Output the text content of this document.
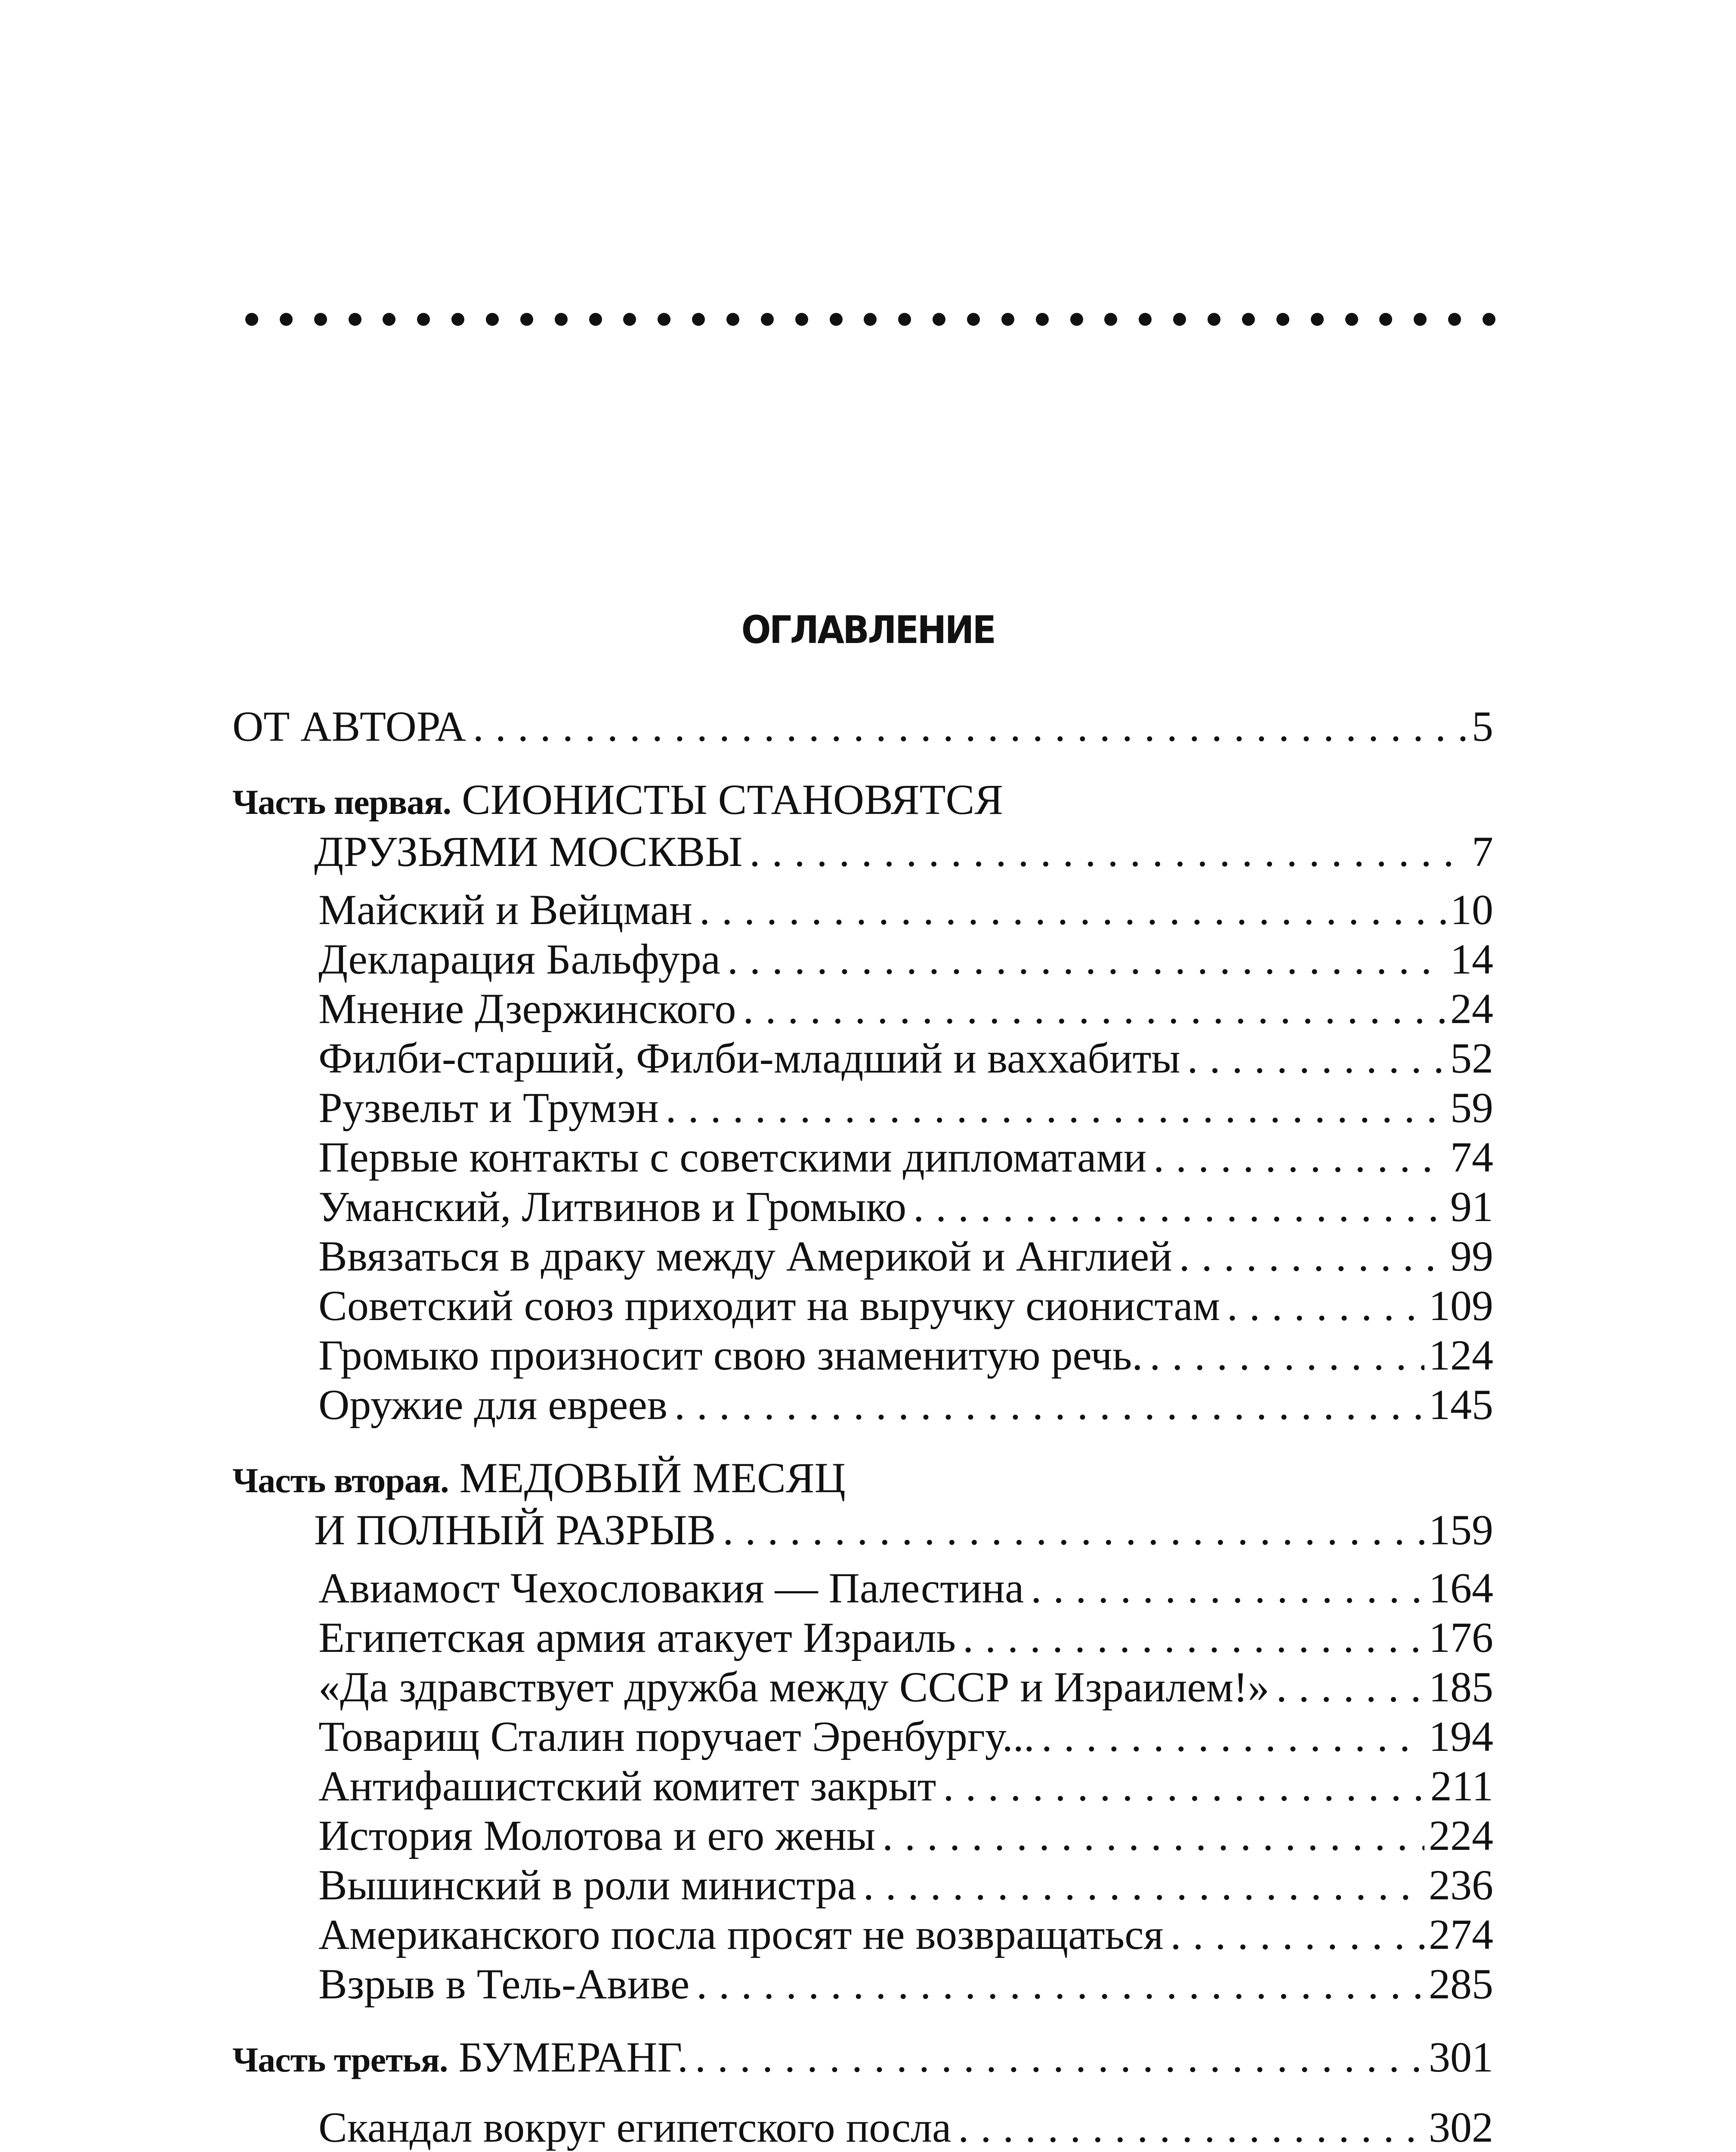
ОГЛАВЛЕНИЕ
ОТ АВТОРА .....	5
Часть первая. СИОНИСТЫ СТАНОВЯТСЯ
ДРУЗЬЯМИ МОСКВЫ .....	7
Майский и Вейцман .....	10
Декларация Бальфура .....	14
Мнение Дзержинского .....	24
Филби-старший, Филби-младший и ваххабиты .....	52
Рузвельт и Трумэн .....	59
Первые контакты с советскими дипломатами .....	74
Уманский, Литвинов и Громыко .....	91
Ввязаться в драку между Америкой и Англией .....	99
Советский союз приходит на выручку сионистам .....	109
Громыко произносит свою знаменитую речь. .....	124
Оружие для евреев .....	145
Часть вторая. МЕДОВЫЙ МЕСЯЦ
И ПОЛНЫЙ РАЗРЫВ .....	159
Авиамост Чехословакия — Палестина .....	164
Египетская армия атакует Израиль .....	176
«Да здравствует дружба между СССР и Израилем!» .....	185
Товарищ Сталин поручает Эренбургу... .....	194
Антифашистский комитет закрыт .....	211
История Молотова и его жены .....	224
Вышинский в роли министра .....	236
Американского посла просят не возвращаться .....	274
Взрыв в Тель-Авиве .....	285
Часть третья. БУМЕРАНГ. .....	301
Скандал вокруг египетского посла .....	302
